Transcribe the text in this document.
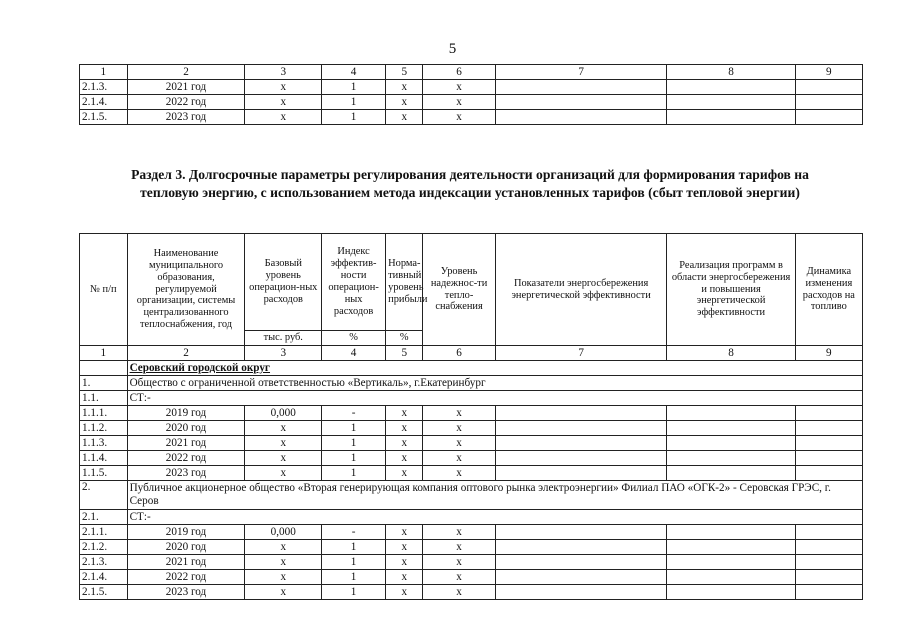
5
1	2	3	4	5	6	7	8	9
2.1.3.	2021 год	х	1	х	х			
2.1.4.	2022 год	х	1	х	х			
2.1.5.	2023 год	х	1	х	х			
Раздел 3. Долгосрочные параметры регулирования деятельности организаций для формирования тарифов на
тепловую энергию, с использованием метода индексации установленных тарифов (сбыт тепловой энергии)
№ п/п	Наименование муниципального образования, регулируемой организации, системы централизованного теплоснабжения, год	Базовый уровень операцион-ных расходов	Индекс эффектив-ности операцион-ных расходов	Норма-тивный уровень прибыли	Уровень надежнос-ти тепло-снабжения	Показатели энергосбережения энергетической эффективности	Реализация программ в области энергосбережения и повышения энергетической эффективности	Динамика изменения расходов на топливо
		тыс. руб.	%	%				
1	2	3	4	5	6	7	8	9
	Серовский городской округ							
1.	Общество с ограниченной ответственностью «Вертикаль», г.Екатеринбург							
1.1.	СТ:-							
1.1.1.	2019 год	0,000	-	х	х			
1.1.2.	2020 год	х	1	х	х			
1.1.3.	2021 год	х	1	х	х			
1.1.4.	2022 год	х	1	х	х			
1.1.5.	2023 год	х	1	х	х			
2.	Публичное акционерное общество «Вторая генерирующая компания оптового рынка электроэнергии» Филиал ПАО «ОГК-2» - Серовская ГРЭС, г. Серов							
2.1.	СТ:-							
2.1.1.	2019 год	0,000	-	х	х			
2.1.2.	2020 год	х	1	х	х			
2.1.3.	2021 год	х	1	х	х			
2.1.4.	2022 год	х	1	х	х			
2.1.5.	2023 год	х	1	х	х			
